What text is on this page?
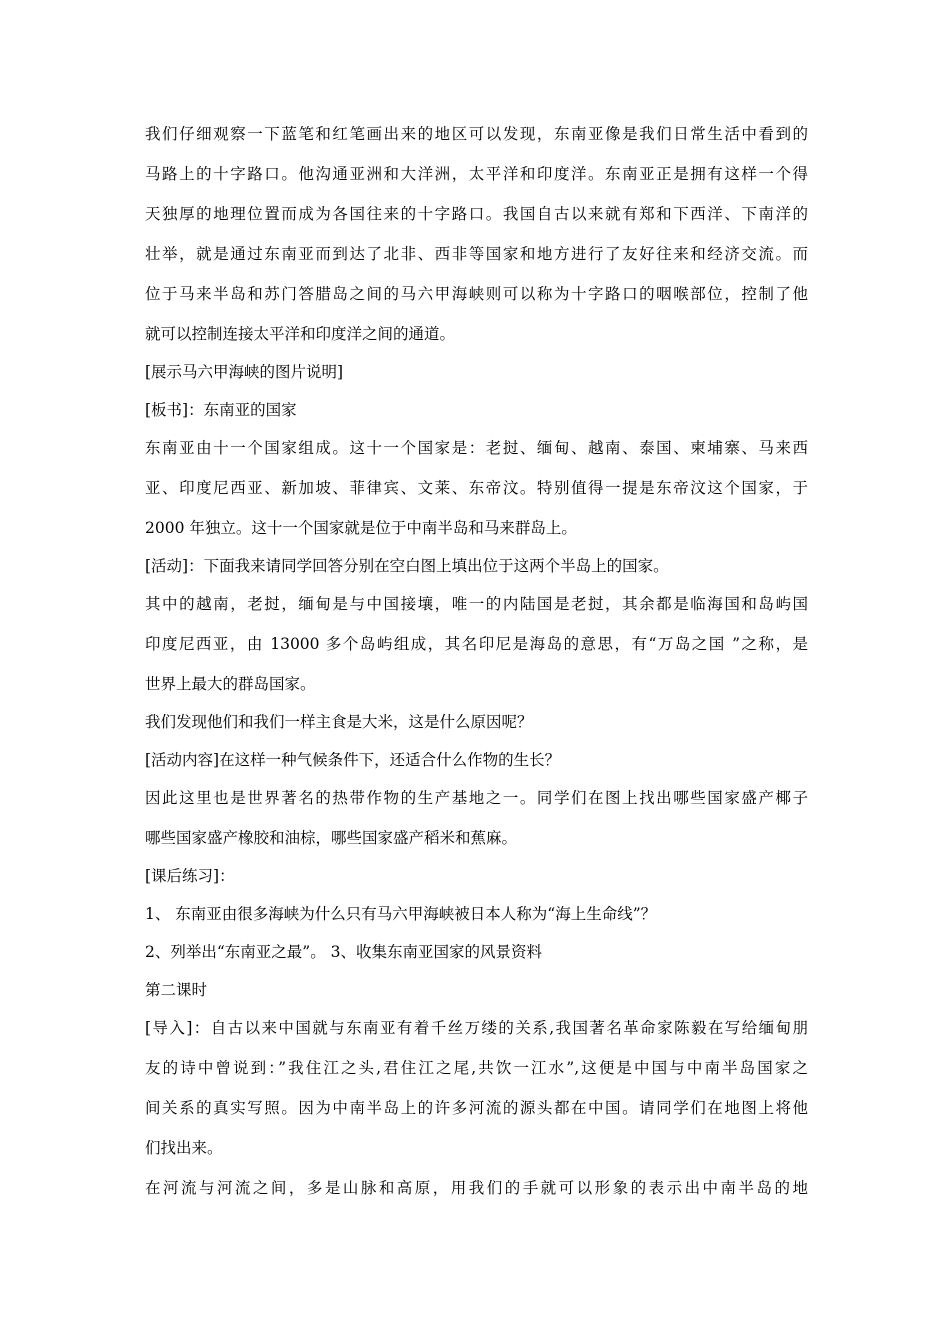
我们仔细观察一下蓝笔和红笔画出来的地区可以发现，东南亚像是我们日常生活中看到的
马路上的十字路口。他沟通亚洲和大洋洲，太平洋和印度洋。东南亚正是拥有这样一个得
天独厚的地理位置而成为各国往来的十字路口。我国自古以来就有郑和下西洋、下南洋的
壮举，就是通过东南亚而到达了北非、西非等国家和地方进行了友好往来和经济交流。而
位于马来半岛和苏门答腊岛之间的马六甲海峡则可以称为十字路口的咽喉部位，控制了他
就可以控制连接太平洋和印度洋之间的通道。
[展示马六甲海峡的图片说明]
[板书]：东南亚的国家
东南亚由十一个国家组成。这十一个国家是：老挝、缅甸、越南、泰国、柬埔寨、马来西
亚、印度尼西亚、新加坡、菲律宾、文莱、东帝汶。特别值得一提是东帝汶这个国家，于
2000 年独立。这十一个国家就是位于中南半岛和马来群岛上。
[活动]：下面我来请同学回答分别在空白图上填出位于这两个半岛上的国家。
其中的越南，老挝，缅甸是与中国接壤，唯一的内陆国是老挝，其余都是临海国和岛屿国
印度尼西亚，由 13000 多个岛屿组成，其名印尼是海岛的意思，有“万岛之国 ”之称，是
世界上最大的群岛国家。
我们发现他们和我们一样主食是大米，这是什么原因呢？
[活动内容]在这样一种气候条件下，还适合什么作物的生长？
因此这里也是世界著名的热带作物的生产基地之一。同学们在图上找出哪些国家盛产椰子
哪些国家盛产橡胶和油棕，哪些国家盛产稻米和蕉麻。
[课后练习]：
1、 东南亚由很多海峡为什么只有马六甲海峡被日本人称为“海上生命线”？
2、列举出“东南亚之最”。 3、收集东南亚国家的风景资料
第二课时
[导入]：自古以来中国就与东南亚有着千丝万缕的关系,我国著名革命家陈毅在写给缅甸朋
友的诗中曾说到：”我住江之头,君住江之尾,共饮一江水”,这便是中国与中南半岛国家之
间关系的真实写照。因为中南半岛上的许多河流的源头都在中国。请同学们在地图上将他
们找出来。
在河流与河流之间，多是山脉和高原，用我们的手就可以形象的表示出中南半岛的地
